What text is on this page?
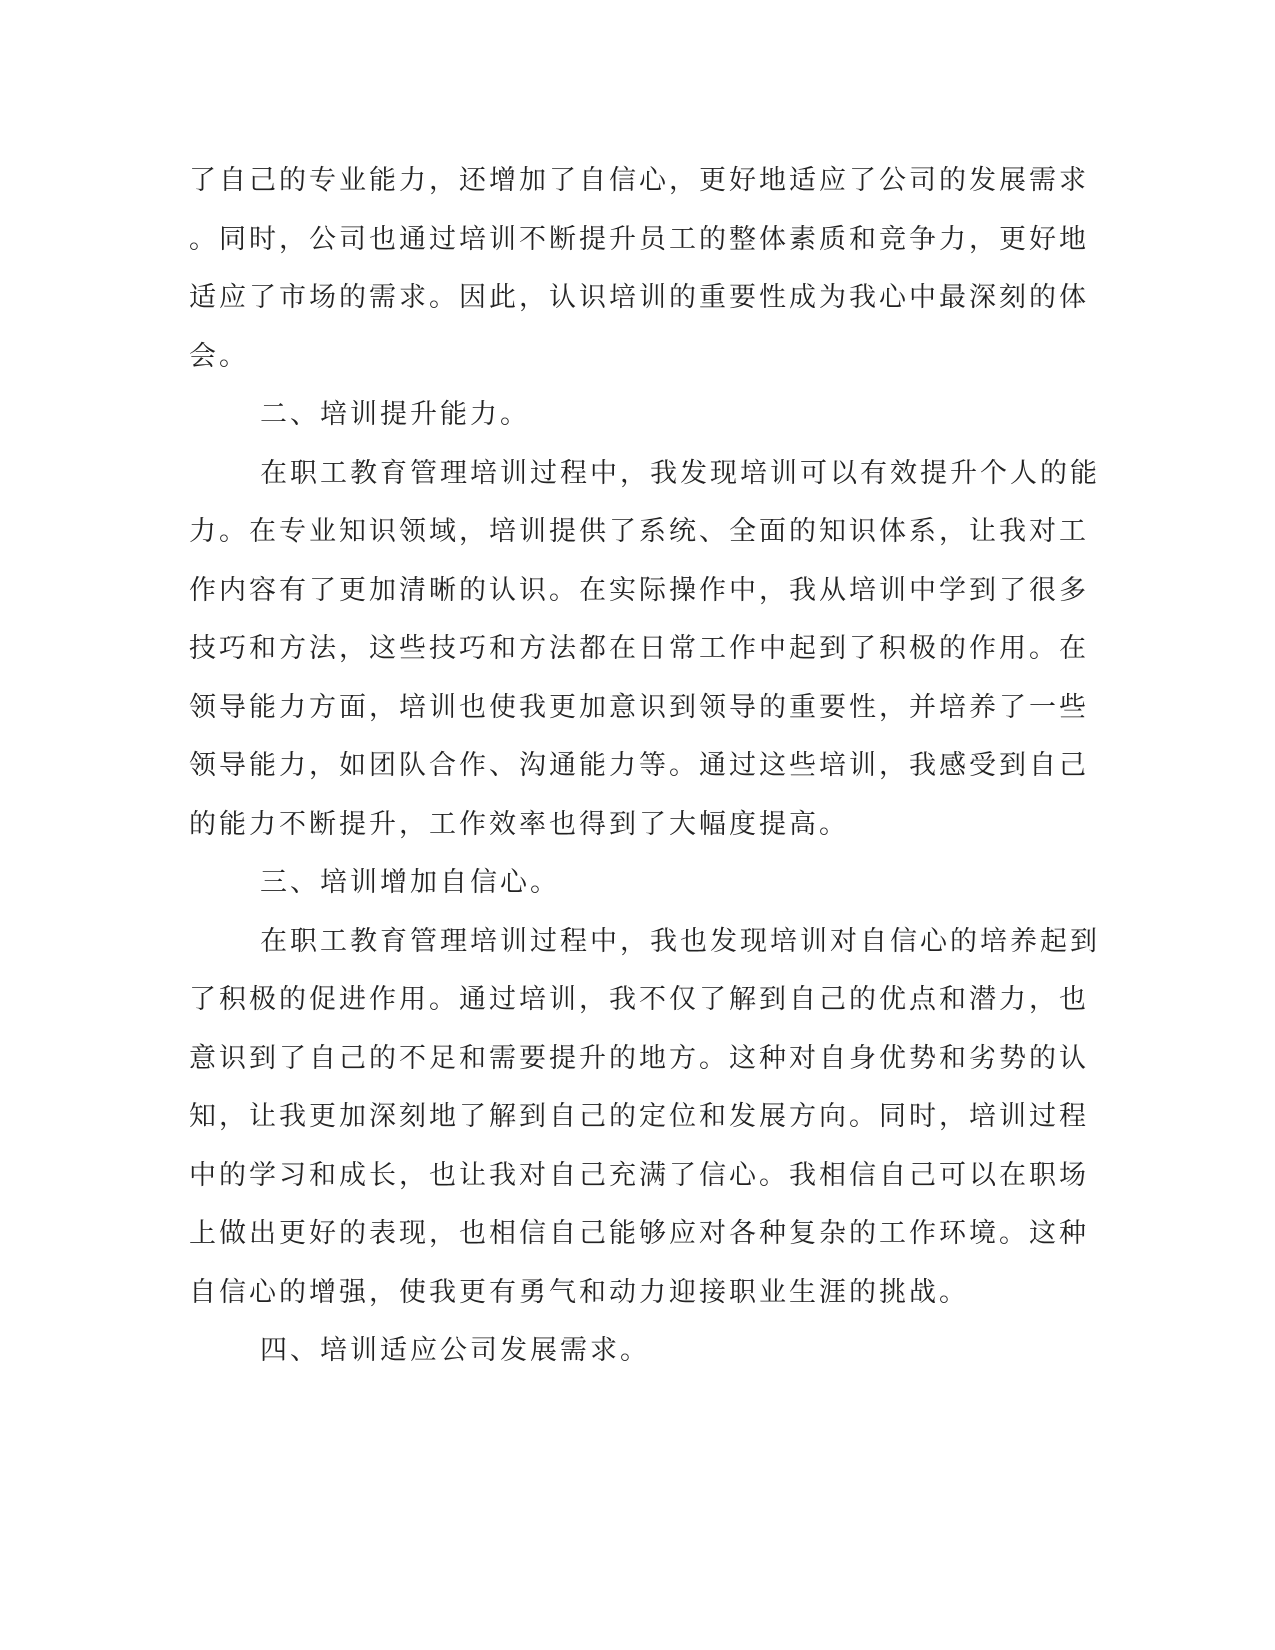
了自己的专业能力，还增加了自信心，更好地适应了公司的发展需求
。同时，公司也通过培训不断提升员工的整体素质和竞争力，更好地
适应了市场的需求。因此，认识培训的重要性成为我心中最深刻的体
会。
二、培训提升能力。
在职工教育管理培训过程中，我发现培训可以有效提升个人的能
力。在专业知识领域，培训提供了系统、全面的知识体系，让我对工
作内容有了更加清晰的认识。在实际操作中，我从培训中学到了很多
技巧和方法，这些技巧和方法都在日常工作中起到了积极的作用。在
领导能力方面，培训也使我更加意识到领导的重要性，并培养了一些
领导能力，如团队合作、沟通能力等。通过这些培训，我感受到自己
的能力不断提升，工作效率也得到了大幅度提高。
三、培训增加自信心。
在职工教育管理培训过程中，我也发现培训对自信心的培养起到
了积极的促进作用。通过培训，我不仅了解到自己的优点和潜力，也
意识到了自己的不足和需要提升的地方。这种对自身优势和劣势的认
知，让我更加深刻地了解到自己的定位和发展方向。同时，培训过程
中的学习和成长，也让我对自己充满了信心。我相信自己可以在职场
上做出更好的表现，也相信自己能够应对各种复杂的工作环境。这种
自信心的增强，使我更有勇气和动力迎接职业生涯的挑战。
四、培训适应公司发展需求。
